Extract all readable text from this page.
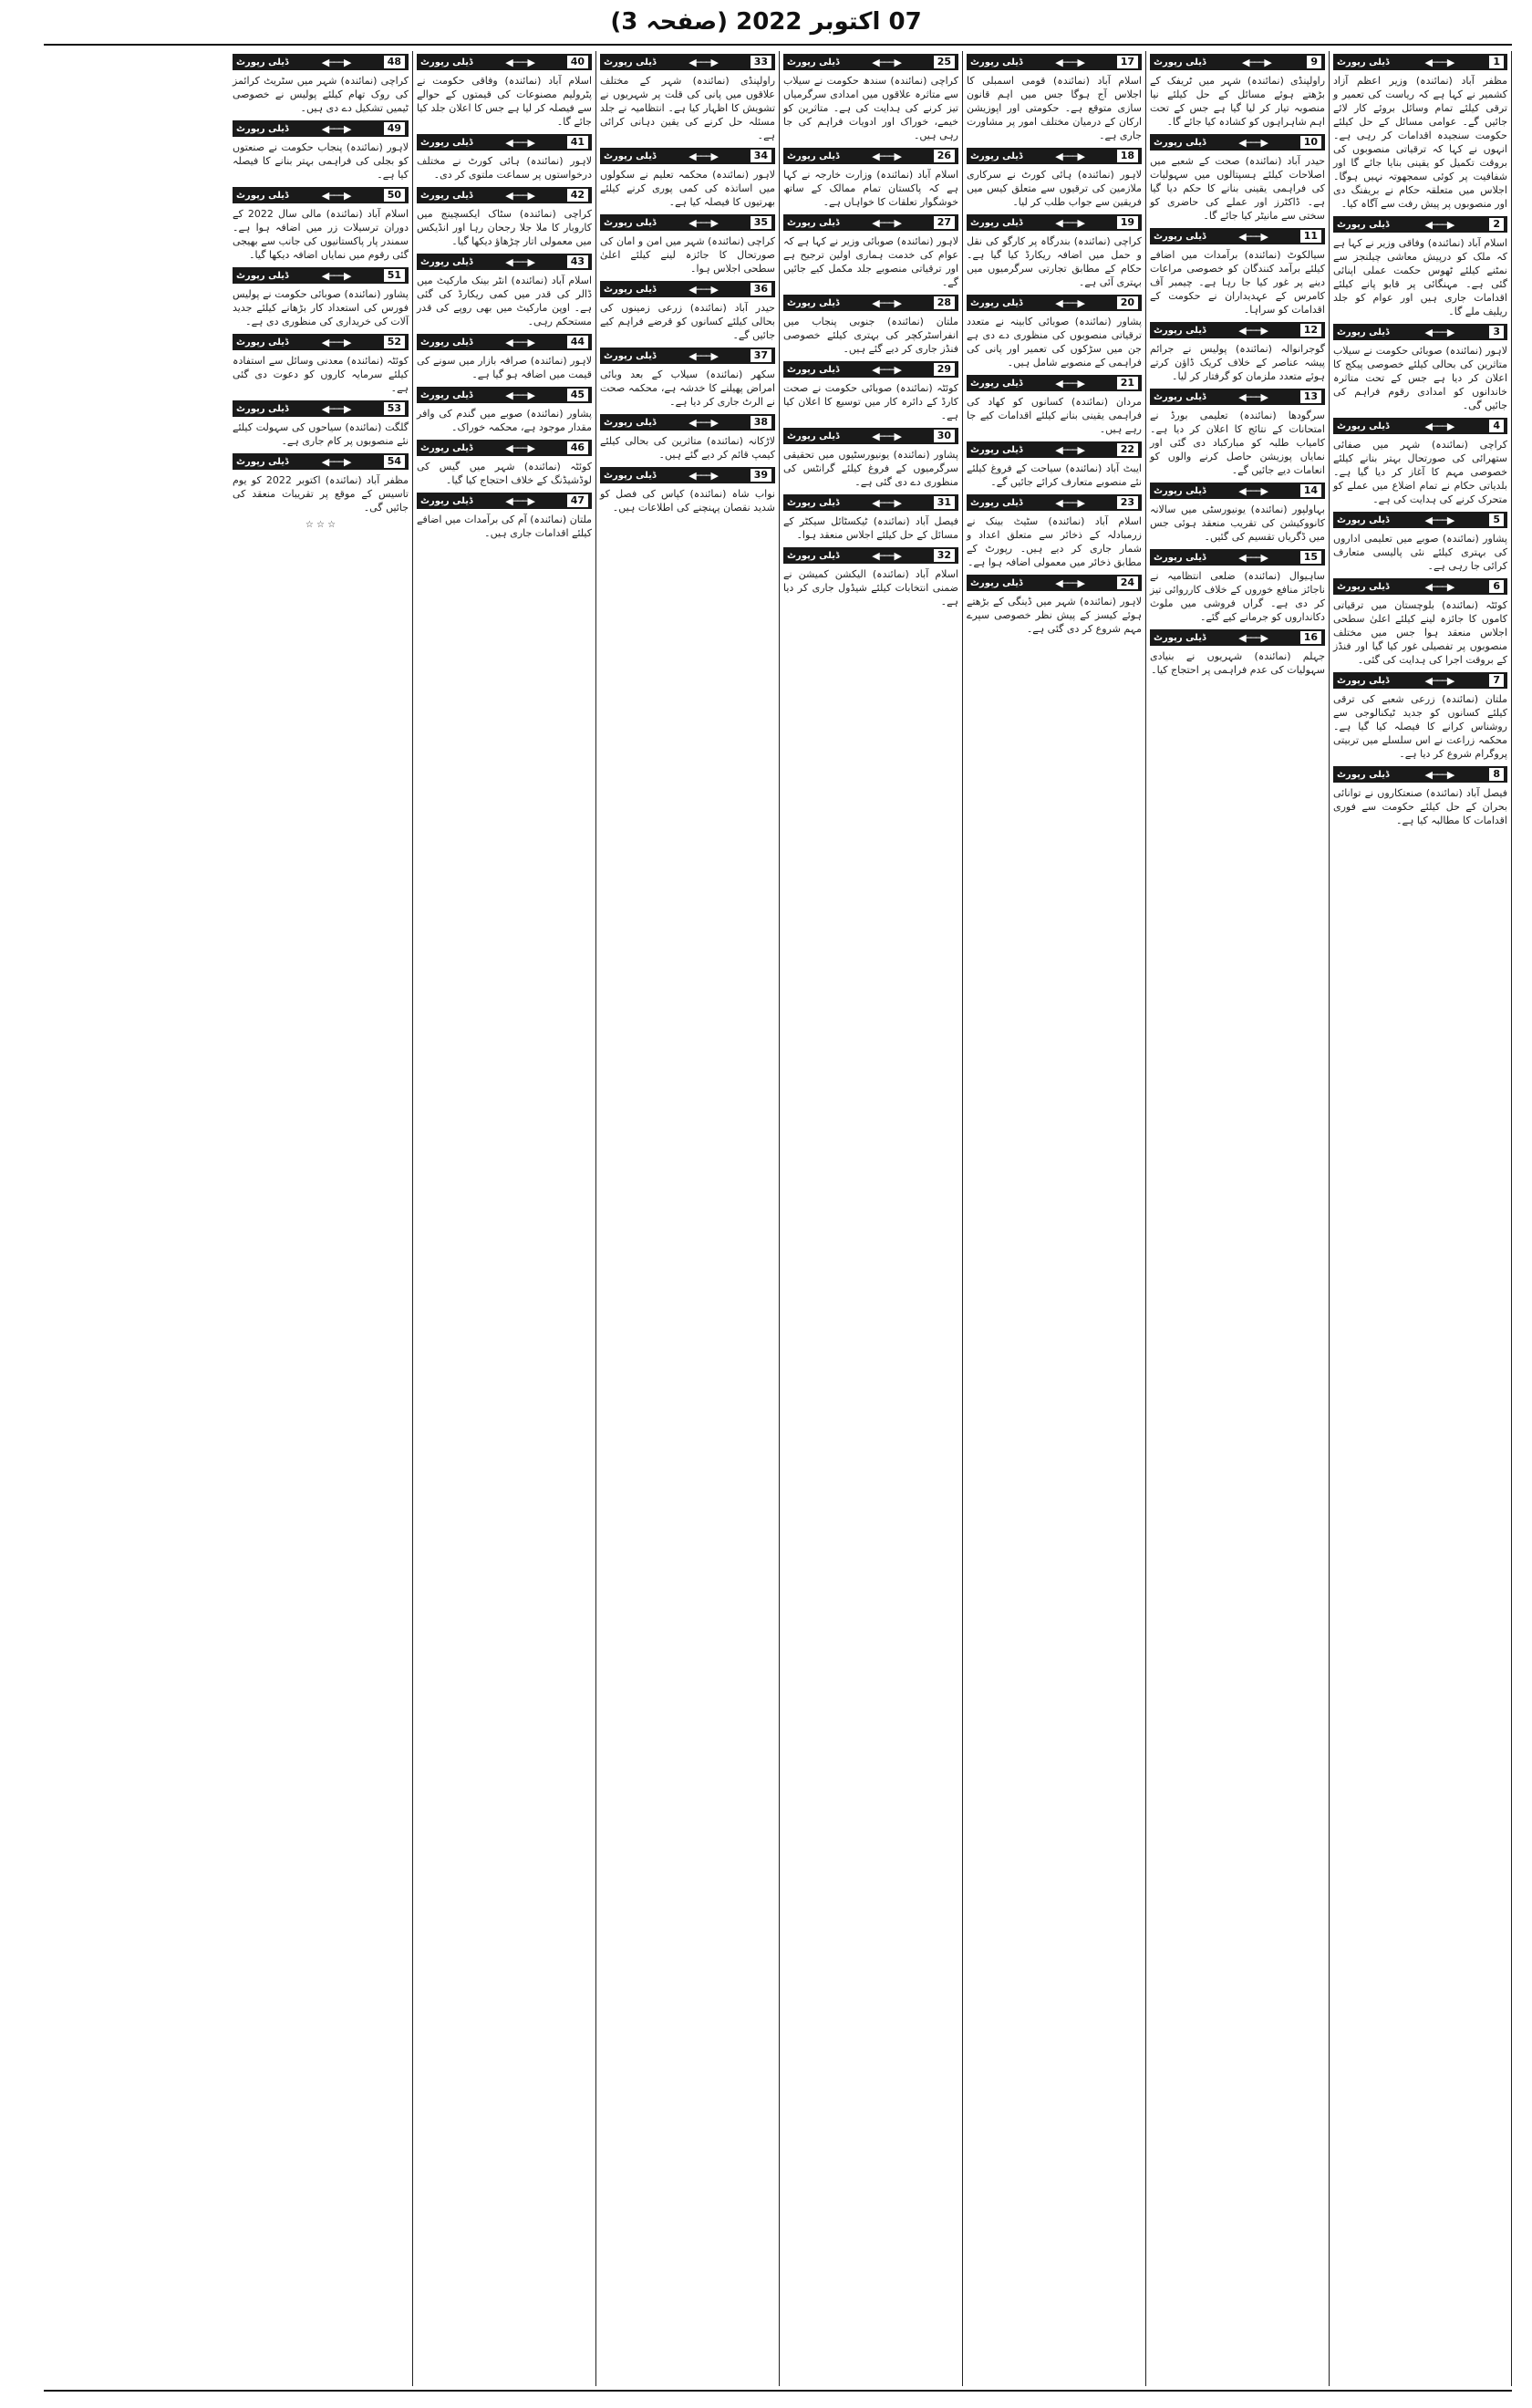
07 اکتوبر 2022 (صفحہ 3)
ڈیلی رپورٹ	◀───▶	1
مظفر آباد (نمائندہ) وزیر اعظم آزاد کشمیر نے کہا ہے کہ ریاست کی تعمیر و ترقی کیلئے تمام وسائل بروئے کار لائے جائیں گے۔ عوامی مسائل کے حل کیلئے حکومت سنجیدہ اقدامات کر رہی ہے۔ انہوں نے کہا کہ ترقیاتی منصوبوں کی بروقت تکمیل کو یقینی بنایا جائے گا اور شفافیت پر کوئی سمجھوتہ نہیں ہوگا۔ اجلاس میں متعلقہ حکام نے بریفنگ دی اور منصوبوں پر پیش رفت سے آگاہ کیا۔
ڈیلی رپورٹ	◀───▶	2
اسلام آباد (نمائندہ) وفاقی وزیر نے کہا ہے کہ ملک کو درپیش معاشی چیلنجز سے نمٹنے کیلئے ٹھوس حکمت عملی اپنائی گئی ہے۔ مہنگائی پر قابو پانے کیلئے اقدامات جاری ہیں اور عوام کو جلد ریلیف ملے گا۔
ڈیلی رپورٹ	◀───▶	3
لاہور (نمائندہ) صوبائی حکومت نے سیلاب متاثرین کی بحالی کیلئے خصوصی پیکج کا اعلان کر دیا ہے جس کے تحت متاثرہ خاندانوں کو امدادی رقوم فراہم کی جائیں گی۔
ڈیلی رپورٹ	◀───▶	4
کراچی (نمائندہ) شہر میں صفائی ستھرائی کی صورتحال بہتر بنانے کیلئے خصوصی مہم کا آغاز کر دیا گیا ہے۔ بلدیاتی حکام نے تمام اضلاع میں عملے کو متحرک کرنے کی ہدایت کی ہے۔
ڈیلی رپورٹ	◀───▶	5
پشاور (نمائندہ) صوبے میں تعلیمی اداروں کی بہتری کیلئے نئی پالیسی متعارف کرائی جا رہی ہے۔
ڈیلی رپورٹ	◀───▶	6
کوئٹہ (نمائندہ) بلوچستان میں ترقیاتی کاموں کا جائزہ لینے کیلئے اعلیٰ سطحی اجلاس منعقد ہوا جس میں مختلف منصوبوں پر تفصیلی غور کیا گیا اور فنڈز کے بروقت اجرا کی ہدایت کی گئی۔
ڈیلی رپورٹ	◀───▶	7
ملتان (نمائندہ) زرعی شعبے کی ترقی کیلئے کسانوں کو جدید ٹیکنالوجی سے روشناس کرانے کا فیصلہ کیا گیا ہے۔ محکمہ زراعت نے اس سلسلے میں تربیتی پروگرام شروع کر دیا ہے۔
ڈیلی رپورٹ	◀───▶	8
فیصل آباد (نمائندہ) صنعتکاروں نے توانائی بحران کے حل کیلئے حکومت سے فوری اقدامات کا مطالبہ کیا ہے۔
ڈیلی رپورٹ	◀───▶	9
راولپنڈی (نمائندہ) شہر میں ٹریفک کے بڑھتے ہوئے مسائل کے حل کیلئے نیا منصوبہ تیار کر لیا گیا ہے جس کے تحت اہم شاہراہوں کو کشادہ کیا جائے گا۔
ڈیلی رپورٹ	◀───▶	10
حیدر آباد (نمائندہ) صحت کے شعبے میں اصلاحات کیلئے ہسپتالوں میں سہولیات کی فراہمی یقینی بنانے کا حکم دیا گیا ہے۔ ڈاکٹرز اور عملے کی حاضری کو سختی سے مانیٹر کیا جائے گا۔
ڈیلی رپورٹ	◀───▶	11
سیالکوٹ (نمائندہ) برآمدات میں اضافے کیلئے برآمد کنندگان کو خصوصی مراعات دینے پر غور کیا جا رہا ہے۔ چیمبر آف کامرس کے عہدیداران نے حکومت کے اقدامات کو سراہا۔
ڈیلی رپورٹ	◀───▶	12
گوجرانوالہ (نمائندہ) پولیس نے جرائم پیشہ عناصر کے خلاف کریک ڈاؤن کرتے ہوئے متعدد ملزمان کو گرفتار کر لیا۔
ڈیلی رپورٹ	◀───▶	13
سرگودھا (نمائندہ) تعلیمی بورڈ نے امتحانات کے نتائج کا اعلان کر دیا ہے۔ کامیاب طلبہ کو مبارکباد دی گئی اور نمایاں پوزیشن حاصل کرنے والوں کو انعامات دیے جائیں گے۔
ڈیلی رپورٹ	◀───▶	14
بہاولپور (نمائندہ) یونیورسٹی میں سالانہ کانووکیشن کی تقریب منعقد ہوئی جس میں ڈگریاں تقسیم کی گئیں۔
ڈیلی رپورٹ	◀───▶	15
ساہیوال (نمائندہ) ضلعی انتظامیہ نے ناجائز منافع خوروں کے خلاف کارروائی تیز کر دی ہے۔ گراں فروشی میں ملوث دکانداروں کو جرمانے کیے گئے۔
ڈیلی رپورٹ	◀───▶	16
جہلم (نمائندہ) شہریوں نے بنیادی سہولیات کی عدم فراہمی پر احتجاج کیا۔
ڈیلی رپورٹ	◀───▶	17
اسلام آباد (نمائندہ) قومی اسمبلی کا اجلاس آج ہوگا جس میں اہم قانون سازی متوقع ہے۔ حکومتی اور اپوزیشن ارکان کے درمیان مختلف امور پر مشاورت جاری ہے۔
ڈیلی رپورٹ	◀───▶	18
لاہور (نمائندہ) ہائی کورٹ نے سرکاری ملازمین کی ترقیوں سے متعلق کیس میں فریقین سے جواب طلب کر لیا۔
ڈیلی رپورٹ	◀───▶	19
کراچی (نمائندہ) بندرگاہ پر کارگو کی نقل و حمل میں اضافہ ریکارڈ کیا گیا ہے۔ حکام کے مطابق تجارتی سرگرمیوں میں بہتری آئی ہے۔
ڈیلی رپورٹ	◀───▶	20
پشاور (نمائندہ) صوبائی کابینہ نے متعدد ترقیاتی منصوبوں کی منظوری دے دی ہے جن میں سڑکوں کی تعمیر اور پانی کی فراہمی کے منصوبے شامل ہیں۔
ڈیلی رپورٹ	◀───▶	21
مردان (نمائندہ) کسانوں کو کھاد کی فراہمی یقینی بنانے کیلئے اقدامات کیے جا رہے ہیں۔
ڈیلی رپورٹ	◀───▶	22
ایبٹ آباد (نمائندہ) سیاحت کے فروغ کیلئے نئے منصوبے متعارف کرائے جائیں گے۔
ڈیلی رپورٹ	◀───▶	23
اسلام آباد (نمائندہ) سٹیٹ بینک نے زرمبادلہ کے ذخائر سے متعلق اعداد و شمار جاری کر دیے ہیں۔ رپورٹ کے مطابق ذخائر میں معمولی اضافہ ہوا ہے۔
ڈیلی رپورٹ	◀───▶	24
لاہور (نمائندہ) شہر میں ڈینگی کے بڑھتے ہوئے کیسز کے پیش نظر خصوصی سپرے مہم شروع کر دی گئی ہے۔
ڈیلی رپورٹ	◀───▶	25
کراچی (نمائندہ) سندھ حکومت نے سیلاب سے متاثرہ علاقوں میں امدادی سرگرمیاں تیز کرنے کی ہدایت کی ہے۔ متاثرین کو خیمے، خوراک اور ادویات فراہم کی جا رہی ہیں۔
ڈیلی رپورٹ	◀───▶	26
اسلام آباد (نمائندہ) وزارت خارجہ نے کہا ہے کہ پاکستان تمام ممالک کے ساتھ خوشگوار تعلقات کا خواہاں ہے۔
ڈیلی رپورٹ	◀───▶	27
لاہور (نمائندہ) صوبائی وزیر نے کہا ہے کہ عوام کی خدمت ہماری اولین ترجیح ہے اور ترقیاتی منصوبے جلد مکمل کیے جائیں گے۔
ڈیلی رپورٹ	◀───▶	28
ملتان (نمائندہ) جنوبی پنجاب میں انفراسٹرکچر کی بہتری کیلئے خصوصی فنڈز جاری کر دیے گئے ہیں۔
ڈیلی رپورٹ	◀───▶	29
کوئٹہ (نمائندہ) صوبائی حکومت نے صحت کارڈ کے دائرہ کار میں توسیع کا اعلان کیا ہے۔
ڈیلی رپورٹ	◀───▶	30
پشاور (نمائندہ) یونیورسٹیوں میں تحقیقی سرگرمیوں کے فروغ کیلئے گرانٹس کی منظوری دے دی گئی ہے۔
ڈیلی رپورٹ	◀───▶	31
فیصل آباد (نمائندہ) ٹیکسٹائل سیکٹر کے مسائل کے حل کیلئے اجلاس منعقد ہوا۔
ڈیلی رپورٹ	◀───▶	32
اسلام آباد (نمائندہ) الیکشن کمیشن نے ضمنی انتخابات کیلئے شیڈول جاری کر دیا ہے۔
ڈیلی رپورٹ	◀───▶	33
راولپنڈی (نمائندہ) شہر کے مختلف علاقوں میں پانی کی قلت پر شہریوں نے تشویش کا اظہار کیا ہے۔ انتظامیہ نے جلد مسئلہ حل کرنے کی یقین دہانی کرائی ہے۔
ڈیلی رپورٹ	◀───▶	34
لاہور (نمائندہ) محکمہ تعلیم نے سکولوں میں اساتذہ کی کمی پوری کرنے کیلئے بھرتیوں کا فیصلہ کیا ہے۔
ڈیلی رپورٹ	◀───▶	35
کراچی (نمائندہ) شہر میں امن و امان کی صورتحال کا جائزہ لینے کیلئے اعلیٰ سطحی اجلاس ہوا۔
ڈیلی رپورٹ	◀───▶	36
حیدر آباد (نمائندہ) زرعی زمینوں کی بحالی کیلئے کسانوں کو قرضے فراہم کیے جائیں گے۔
ڈیلی رپورٹ	◀───▶	37
سکھر (نمائندہ) سیلاب کے بعد وبائی امراض پھیلنے کا خدشہ ہے، محکمہ صحت نے الرٹ جاری کر دیا ہے۔
ڈیلی رپورٹ	◀───▶	38
لاڑکانہ (نمائندہ) متاثرین کی بحالی کیلئے کیمپ قائم کر دیے گئے ہیں۔
ڈیلی رپورٹ	◀───▶	39
نواب شاہ (نمائندہ) کپاس کی فصل کو شدید نقصان پہنچنے کی اطلاعات ہیں۔
ڈیلی رپورٹ	◀───▶	40
اسلام آباد (نمائندہ) وفاقی حکومت نے پٹرولیم مصنوعات کی قیمتوں کے حوالے سے فیصلہ کر لیا ہے جس کا اعلان جلد کیا جائے گا۔
ڈیلی رپورٹ	◀───▶	41
لاہور (نمائندہ) ہائی کورٹ نے مختلف درخواستوں پر سماعت ملتوی کر دی۔
ڈیلی رپورٹ	◀───▶	42
کراچی (نمائندہ) سٹاک ایکسچینج میں کاروبار کا ملا جلا رجحان رہا اور انڈیکس میں معمولی اتار چڑھاؤ دیکھا گیا۔
ڈیلی رپورٹ	◀───▶	43
اسلام آباد (نمائندہ) انٹر بینک مارکیٹ میں ڈالر کی قدر میں کمی ریکارڈ کی گئی ہے۔ اوپن مارکیٹ میں بھی روپے کی قدر مستحکم رہی۔
ڈیلی رپورٹ	◀───▶	44
لاہور (نمائندہ) صرافہ بازار میں سونے کی قیمت میں اضافہ ہو گیا ہے۔
ڈیلی رپورٹ	◀───▶	45
پشاور (نمائندہ) صوبے میں گندم کی وافر مقدار موجود ہے، محکمہ خوراک۔
ڈیلی رپورٹ	◀───▶	46
کوئٹہ (نمائندہ) شہر میں گیس کی لوڈشیڈنگ کے خلاف احتجاج کیا گیا۔
ڈیلی رپورٹ	◀───▶	47
ملتان (نمائندہ) آم کی برآمدات میں اضافے کیلئے اقدامات جاری ہیں۔
ڈیلی رپورٹ	◀───▶	48
کراچی (نمائندہ) شہر میں سٹریٹ کرائمز کی روک تھام کیلئے پولیس نے خصوصی ٹیمیں تشکیل دے دی ہیں۔
ڈیلی رپورٹ	◀───▶	49
لاہور (نمائندہ) پنجاب حکومت نے صنعتوں کو بجلی کی فراہمی بہتر بنانے کا فیصلہ کیا ہے۔
ڈیلی رپورٹ	◀───▶	50
اسلام آباد (نمائندہ) مالی سال 2022 کے دوران ترسیلات زر میں اضافہ ہوا ہے۔ سمندر پار پاکستانیوں کی جانب سے بھیجی گئی رقوم میں نمایاں اضافہ دیکھا گیا۔
ڈیلی رپورٹ	◀───▶	51
پشاور (نمائندہ) صوبائی حکومت نے پولیس فورس کی استعداد کار بڑھانے کیلئے جدید آلات کی خریداری کی منظوری دی ہے۔
ڈیلی رپورٹ	◀───▶	52
کوئٹہ (نمائندہ) معدنی وسائل سے استفادہ کیلئے سرمایہ کاروں کو دعوت دی گئی ہے۔
ڈیلی رپورٹ	◀───▶	53
گلگت (نمائندہ) سیاحوں کی سہولت کیلئے نئے منصوبوں پر کام جاری ہے۔
ڈیلی رپورٹ	◀───▶	54
مظفر آباد (نمائندہ) اکتوبر 2022 کو یوم تاسیس کے موقع پر تقریبات منعقد کی جائیں گی۔
☆ ☆ ☆
